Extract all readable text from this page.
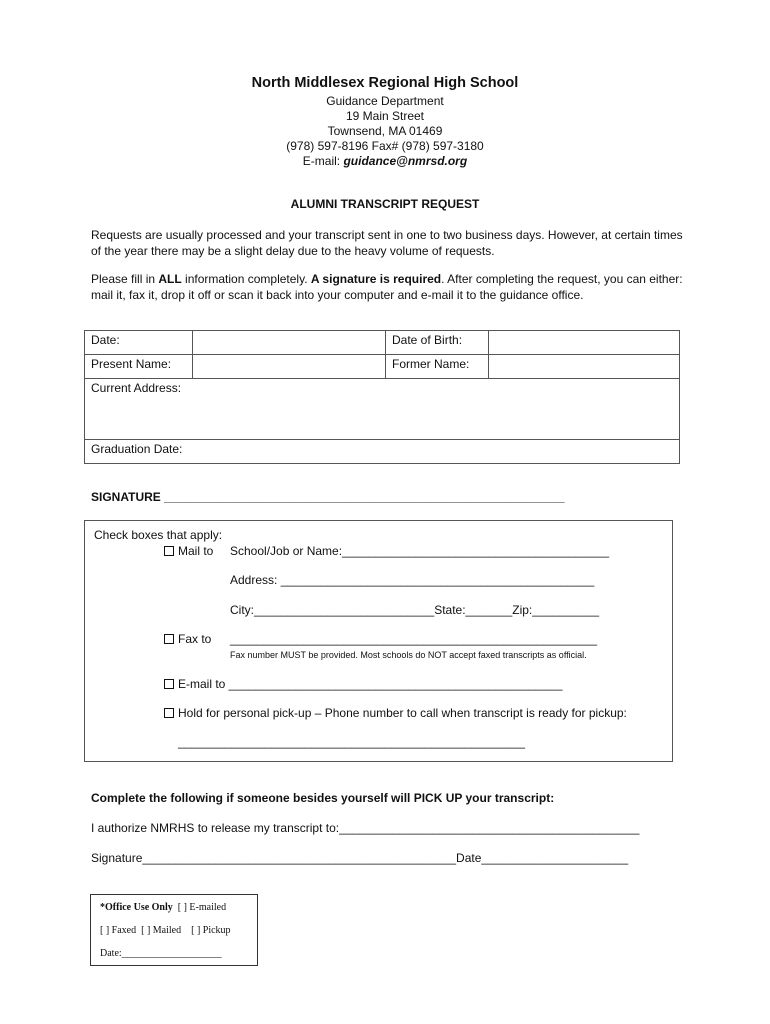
North Middlesex Regional High School
Guidance Department
19 Main Street
Townsend, MA 01469
(978) 597-8196 Fax# (978) 597-3180
E-mail: guidance@nmrsd.org
ALUMNI TRANSCRIPT REQUEST
Requests are usually processed and your transcript sent in one to two business days. However, at certain times of the year there may be a slight delay due to the heavy volume of requests.
Please fill in ALL information completely. A signature is required. After completing the request, you can either: mail it, fax it, drop it off or scan it back into your computer and e-mail it to the guidance office.
Date:		Date of Birth:	
Present Name:		Former Name:	
Current Address:			
Graduation Date:			
SIGNATURE ____________________________________________________________
Check boxes that apply:
Mail to School/Job or Name:________________________________________
Address: _______________________________________________
City:___________________________State:_______Zip:__________
Fax to _______________________________________________________
Fax number MUST be provided. Most schools do NOT accept faxed transcripts as official.
E-mail to __________________________________________________
Hold for personal pick-up – Phone number to call when transcript is ready for pickup:
____________________________________________________
Complete the following if someone besides yourself will PICK UP your transcript:
I authorize NMRHS to release my transcript to:_____________________________________________
Signature_______________________________________________Date______________________
*Office Use Only [ ] E-mailed
[ ] Faxed [ ] Mailed [ ] Pickup
Date:____________________
